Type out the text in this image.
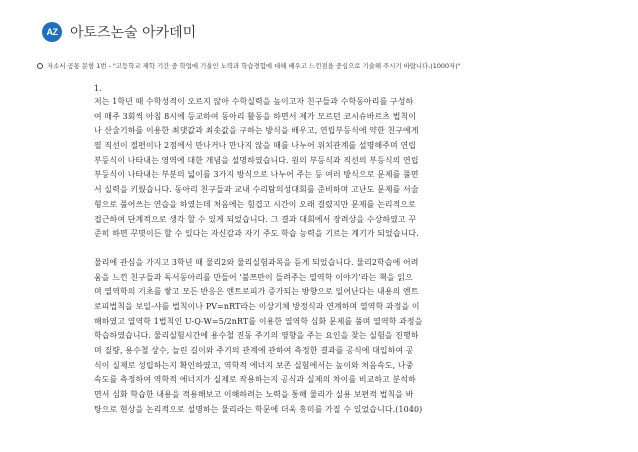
AZ 아토즈논술 아카데미
자소서 공통 문항 1번 - "고등학교 재학 기간 중 학업에 기울인 노력과 학습경험에 대해 배우고 느낀점을 중심으로 기술해 주시기 바랍니다.(1000자)"
1.
저는 1학년 때 수학성적이 오르지 않아 수학실력을 높이고자 친구들과 수학동아리를 구성하
여 매주 3회씩 아침 8시에 등교하여 동아리 활동을 하면서 제가 모르던 코시슈바르츠 법칙이
나 산술기하를 이용한 최댓값과 최솟값을 구하는 방식을 배우고, 연립부등식에 약한 친구에게
필 직선이 절편이나 2점에서 만나거나 만나지 않을 때를 나누어 위치관계를 설명해주며 연립
부등식이 나타내는 영역에 대한 개념을 설명하였습니다. 원의 부등식과 직선의 부등식의 연립
부등식이 나타내는 부분의 넓이를 3가지 방식으로 나누어 주는 등 여러 방식으로 문제를 풀면
서 실력을 키웠습니다. 동아리 친구들과 교내 수리탐의성대회를 준비하며 고난도 문제를 서술
형으로 풀어쓰는 연습을 하였는데 처음에는 힘겹고 시간이 오래 걸렸지만 문제를 논리적으로
접근하여 단계적으로 생각 할 수 있게 되었습니다. 그 결과 대회에서 장려상을 수상하였고 꾸
준히 하면 꾸몃이든 할 수 있다는 자신감과 자기 주도 학습 능력을 기르는 계기가 되었습니다.
물리에 관심을 가지고 3학년 때 물리2와 물리실험과목을 듣게 되었습니다. 물리2학습에 어려
움을 느낀 친구들과 독서동아리를 만들어 '불쯔만이 들려주는 열역학 이야기'라는 책을 읽으
며 열역학의 기초를 쌓고 모든 반응은 엔트로피가 증가되는 방향으로 일어난다는 내용의 엔트
로피법칙을 보일-샤를 법칙이나 PV=nRT라는 이상기체 방정식과 연계하며 열역학 과정을 이
해하였고 열역학 1법칙인 U-Q-W=5/2nRT를 이용한 열역학 심화 문제를 풀며 열역학 과정을
학습하였습니다. 물리실험시간에 용수철 진동 주기의 영향을 주는 요인을 찾는 실험을 진행하
며 질량, 용수철 상수, 늘린 길이와 주기의 관계에 관하여 측정한 결과를 공식에 대입하여 공
식이 실제로 성립하는지 확인하였고, 역학적 에너지 보존 실험에서는 높이와 처음속도, 나중
속도를 측정하여 역학적 에너지가 실제로 작용하는지 공식과 실제의 차이를 비교하고 분석하
면서 심화 학습한 내용을 적용해보고 이해하려는 노력을 통해 물리가 실용 보편적 법칙을 바
탕으로 현상을 논리적으로 설명하는 물리라는 학문에 더욱 흥미를 가질 수 있었습니다.(1040)
